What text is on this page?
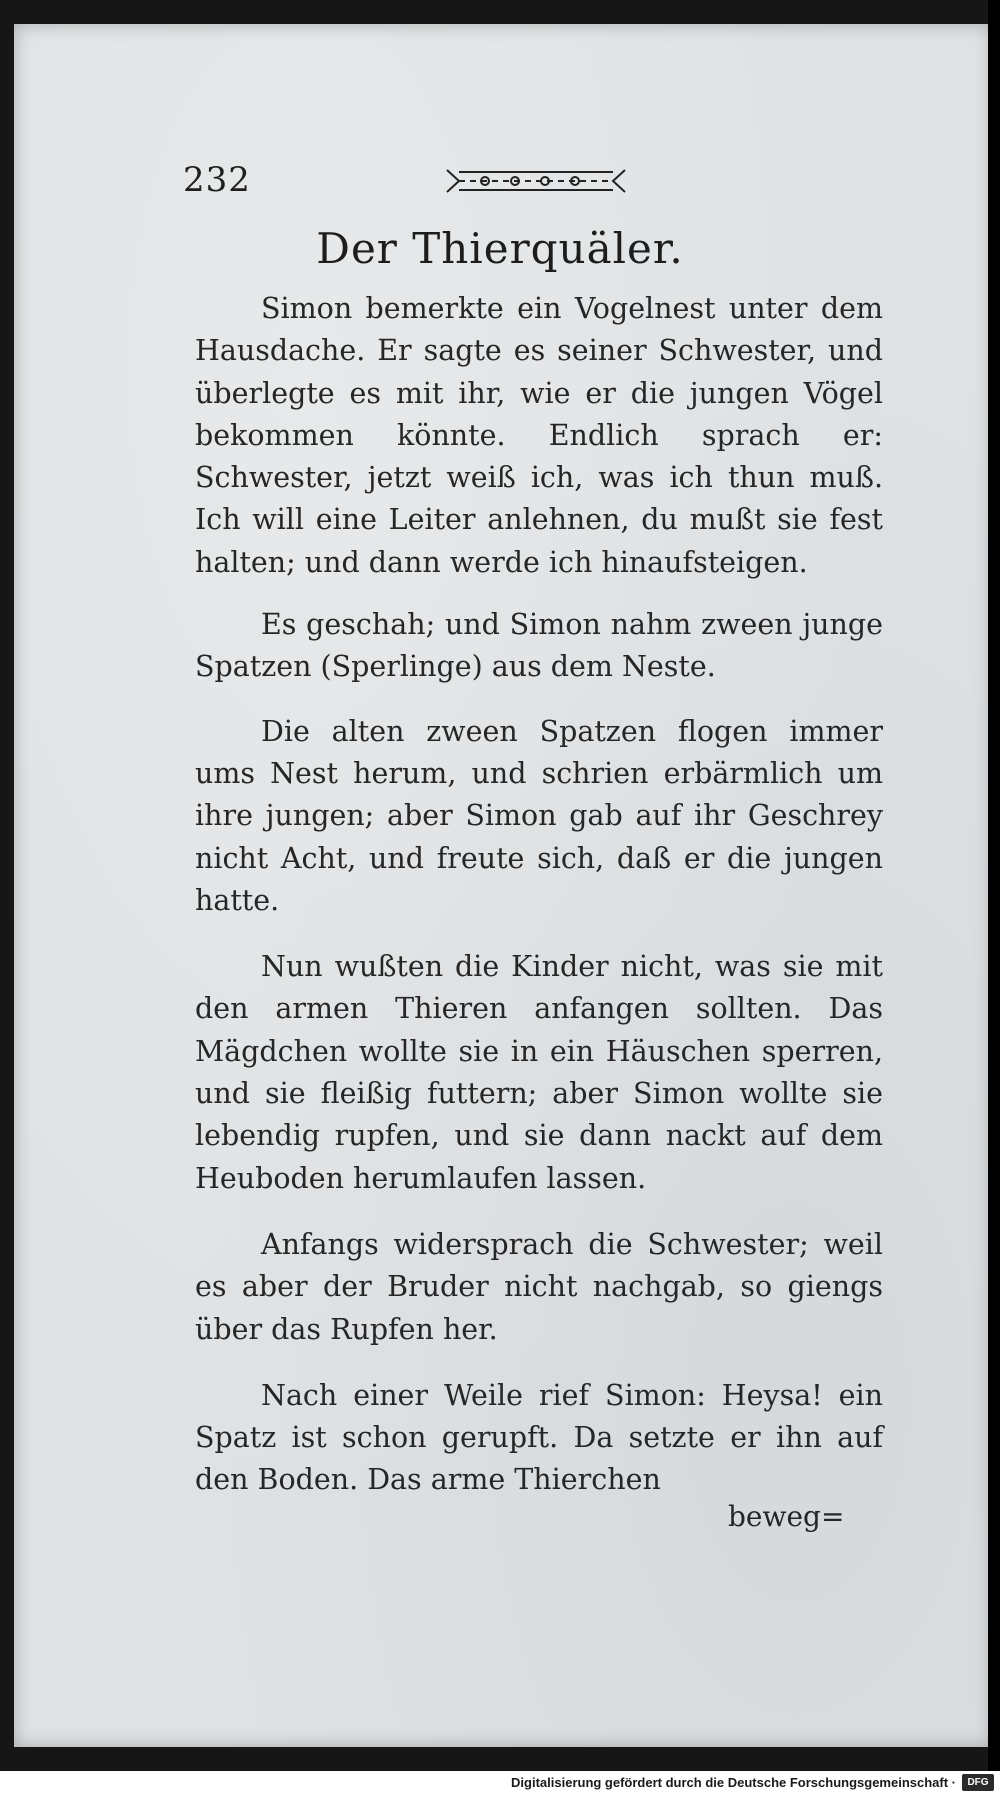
232
Der Thierquäler.

Simon bemerkte ein Vogelnest unter dem Hausdache. Er sagte es seiner Schwester, und überlegte es mit ihr, wie er die jungen Vögel bekommen könnte. Endlich sprach er: Schwester, jetzt weiß ich, was ich thun muß. Ich will eine Leiter anlehnen, du mußt sie fest halten; und dann werde ich hinaufsteigen.

Es geschah; und Simon nahm zween junge Spatzen (Sperlinge) aus dem Neste.

Die alten zween Spatzen flogen immer ums Nest herum, und schrien erbärmlich um ihre jungen; aber Simon gab auf ihr Geschrey nicht Acht, und freute sich, daß er die jungen hatte.

Nun wußten die Kinder nicht, was sie mit den armen Thieren anfangen sollten. Das Mägdchen wollte sie in ein Häuschen sperren, und sie fleißig futtern; aber Simon wollte sie lebendig rupfen, und sie dann nackt auf dem Heuboden herumlaufen lassen.

Anfangs widersprach die Schwester; weil es aber der Bruder nicht nachgab, so giengs über das Rupfen her.

Nach einer Weile rief Simon: Heysa! ein Spatz ist schon gerupft. Da setzte er ihn auf den Boden. Das arme Thierchen

beweg=
Digitalisierung gefördert durch die Deutsche Forschungsgemeinschaft ·	DFG
